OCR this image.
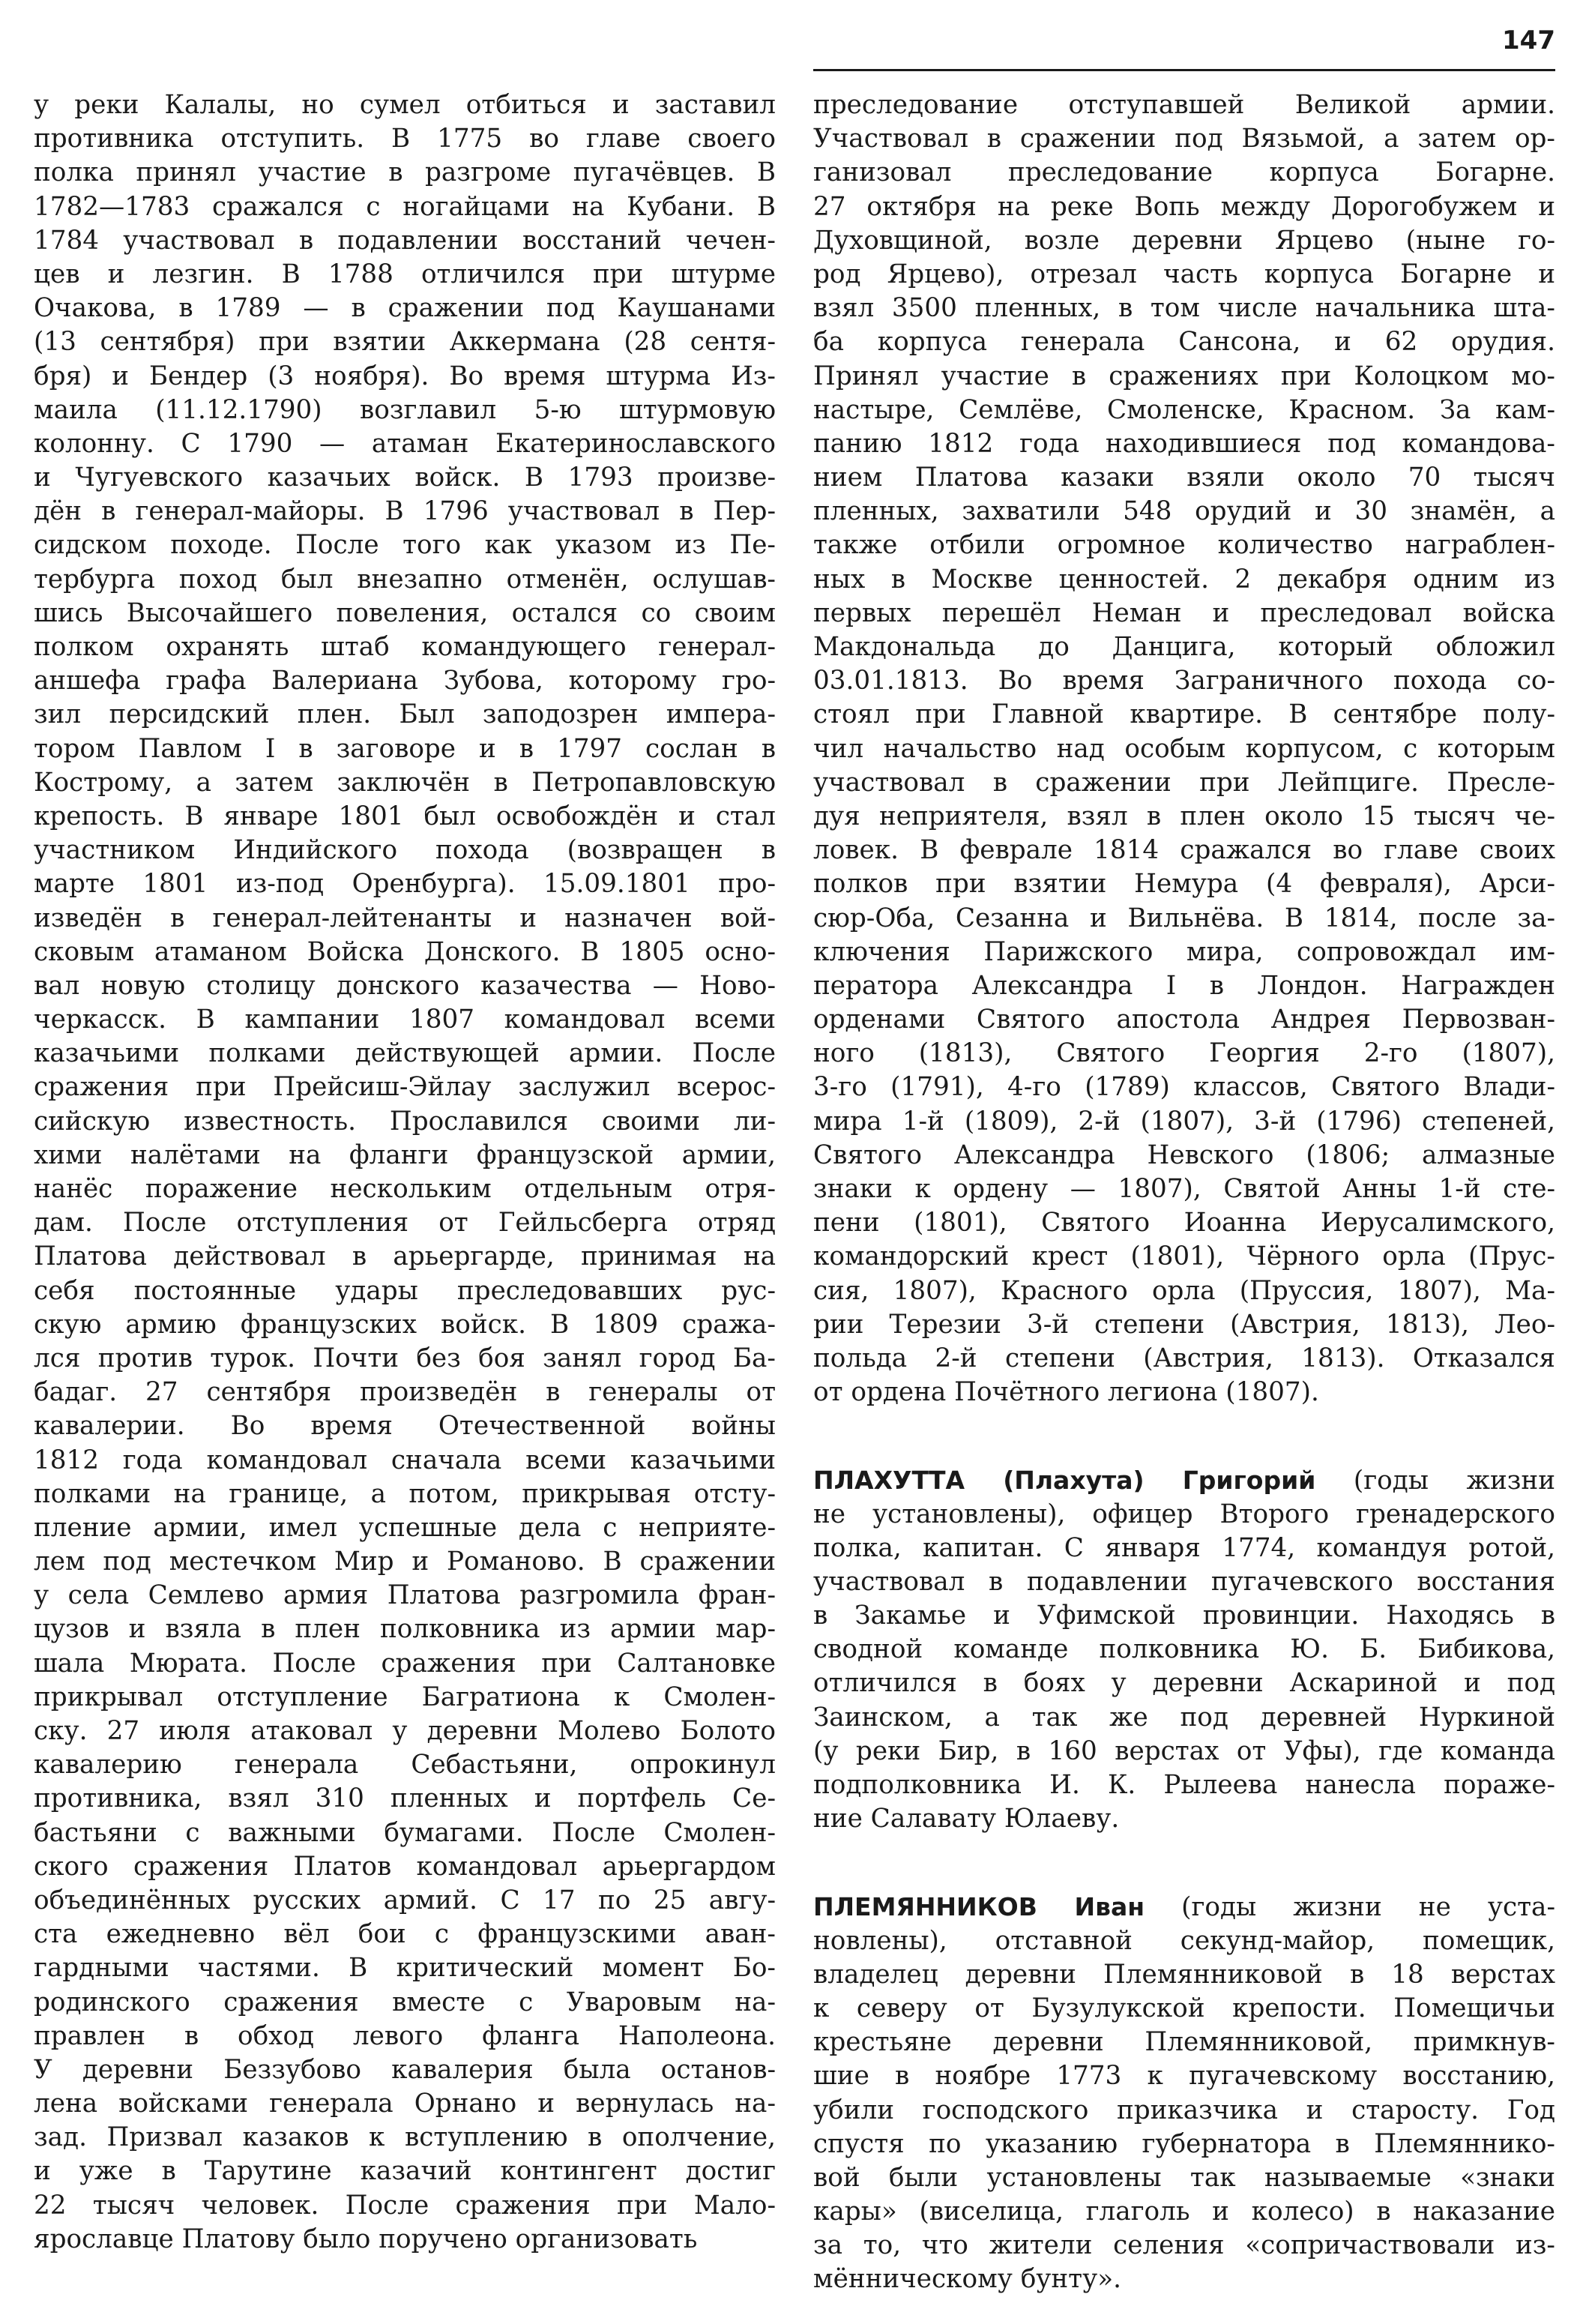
147
у реки Калалы, но сумел отбиться и заставил
противника отступить. В 1775 во главе своего
полка принял участие в разгроме пугачёвцев. В
1782—1783 сражался с ногайцами на Кубани. В
1784 участвовал в подавлении восстаний чечен-
цев и лезгин. В 1788 отличился при штурме
Очакова, в 1789 — в сражении под Каушанами
(13 сентября) при взятии Аккермана (28 сентя-
бря) и Бендер (3 ноября). Во время штурма Из-
маила (11.12.1790) возглавил 5-ю штурмовую
колонну. С 1790 — атаман Екатеринославского
и Чугуевского казачьих войск. В 1793 произве-
дён в генерал-майоры. В 1796 участвовал в Пер-
сидском походе. После того как указом из Пе-
тербурга поход был внезапно отменён, ослушав-
шись Высочайшего повеления, остался со своим
полком охранять штаб командующего генерал-
аншефа графа Валериана Зубова, которому гро-
зил персидский плен. Был заподозрен импера-
тором Павлом I в заговоре и в 1797 сослан в
Кострому, а затем заключён в Петропавловскую
крепость. В январе 1801 был освобождён и стал
участником Индийского похода (возвращен в
марте 1801 из-под Оренбурга). 15.09.1801 про-
изведён в генерал-лейтенанты и назначен вой-
сковым атаманом Войска Донского. В 1805 осно-
вал новую столицу донского казачества — Ново-
черкасск. В кампании 1807 командовал всеми
казачьими полками действующей армии. После
сражения при Прейсиш-Эйлау заслужил всерос-
сийскую известность. Прославился своими ли-
хими налётами на фланги французской армии,
нанёс поражение нескольким отдельным отря-
дам. После отступления от Гейльсберга отряд
Платова действовал в арьергарде, принимая на
себя постоянные удары преследовавших рус-
скую армию французских войск. В 1809 сража-
лся против турок. Почти без боя занял город Ба-
бадаг. 27 сентября произведён в генералы от
кавалерии. Во время Отечественной войны
1812 года командовал сначала всеми казачьими
полками на границе, а потом, прикрывая отсту-
пление армии, имел успешные дела с неприяте-
лем под местечком Мир и Романово. В сражении
у села Семлево армия Платова разгромила фран-
цузов и взяла в плен полковника из армии мар-
шала Мюрата. После сражения при Салтановке
прикрывал отступление Багратиона к Смолен-
ску. 27 июля атаковал у деревни Молево Болото
кавалерию генерала Себастьяни, опрокинул
противника, взял 310 пленных и портфель Се-
бастьяни с важными бумагами. После Смолен-
ского сражения Платов командовал арьергардом
объединённых русских армий. С 17 по 25 авгу-
ста ежедневно вёл бои с французскими аван-
гардными частями. В критический момент Бо-
родинского сражения вместе с Уваровым на-
правлен в обход левого фланга Наполеона.
У деревни Беззубово кавалерия была останов-
лена войсками генерала Орнано и вернулась на-
зад. Призвал казаков к вступлению в ополчение,
и уже в Тарутине казачий контингент достиг
22 тысяч человек. После сражения при Мало-
ярославце Платову было поручено организовать
преследование отступавшей Великой армии.
Участвовал в сражении под Вязьмой, а затем ор-
ганизовал преследование корпуса Богарне.
27 октября на реке Вопь между Дорогобужем и
Духовщиной, возле деревни Ярцево (ныне го-
род Ярцево), отрезал часть корпуса Богарне и
взял 3500 пленных, в том числе начальника шта-
ба корпуса генерала Сансона, и 62 орудия.
Принял участие в сражениях при Колоцком мо-
настыре, Семлёве, Смоленске, Красном. За кам-
панию 1812 года находившиеся под командова-
нием Платова казаки взяли около 70 тысяч
пленных, захватили 548 орудий и 30 знамён, а
также отбили огромное количество награблен-
ных в Москве ценностей. 2 декабря одним из
первых перешёл Неман и преследовал войска
Макдональда до Данцига, который обложил
03.01.1813. Во время Заграничного похода со-
стоял при Главной квартире. В сентябре полу-
чил начальство над особым корпусом, с которым
участвовал в сражении при Лейпциге. Пресле-
дуя неприятеля, взял в плен около 15 тысяч че-
ловек. В феврале 1814 сражался во главе своих
полков при взятии Немура (4 февраля), Арси-
сюр-Оба, Сезанна и Вильнёва. В 1814, после за-
ключения Парижского мира, сопровождал им-
ператора Александра I в Лондон. Награжден
орденами Святого апостола Андрея Первозван-
ного (1813), Святого Георгия 2-го (1807),
3-го (1791), 4-го (1789) классов, Святого Влади-
мира 1-й (1809), 2-й (1807), 3-й (1796) степеней,
Святого Александра Невского (1806; алмазные
знаки к ордену — 1807), Святой Анны 1-й сте-
пени (1801), Святого Иоанна Иерусалимского,
командорский крест (1801), Чёрного орла (Прус-
сия, 1807), Красного орла (Пруссия, 1807), Ма-
рии Терезии 3-й степени (Австрия, 1813), Лео-
польда 2-й степени (Австрия, 1813). Отказался
от ордена Почётного легиона (1807).
ПЛАХУТТА (Плахута) Григорий (годы жизни
не установлены), офицер Второго гренадерского
полка, капитан. С января 1774, командуя ротой,
участвовал в подавлении пугачевского восстания
в Закамье и Уфимской провинции. Находясь в
сводной команде полковника Ю. Б. Бибикова,
отличился в боях у деревни Аскариной и под
Заинском, а так же под деревней Нуркиной
(у реки Бир, в 160 верстах от Уфы), где команда
подполковника И. К. Рылеева нанесла пораже-
ние Салавату Юлаеву.
ПЛЕМЯННИКОВ Иван (годы жизни не уста-
новлены), отставной секунд-майор, помещик,
владелец деревни Племянниковой в 18 верстах
к северу от Бузулукской крепости. Помещичьи
крестьяне деревни Племянниковой, примкнув-
шие в ноябре 1773 к пугачевскому восстанию,
убили господского приказчика и старосту. Год
спустя по указанию губернатора в Племяннико-
вой были установлены так называемые «знаки
кары» (виселица, глаголь и колесо) в наказание
за то, что жители селения «сопричаствовали из-
мённическому бунту».
